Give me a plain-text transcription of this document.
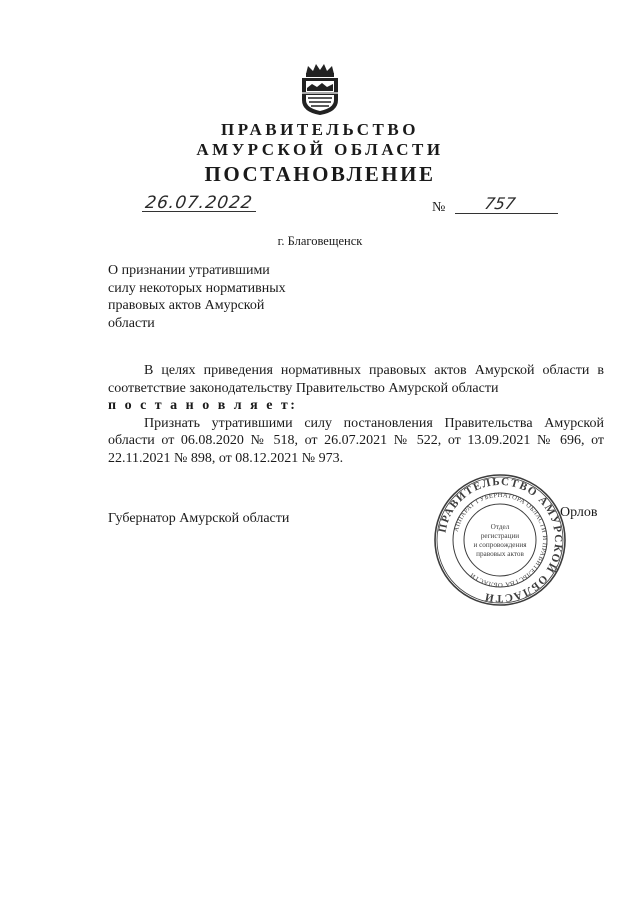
ПРАВИТЕЛЬСТВО
АМУРСКОЙ ОБЛАСТИ
ПОСТАНОВЛЕНИЕ
26.07.2022	№	757
г. Благовещенск
О признании утратившими
силу некоторых нормативных
правовых актов Амурской
области

В целях приведения нормативных правовых актов Амурской области в соответствие законодательству Правительство Амурской области

п о с т а н о в л я е т:

Признать утратившими силу постановления Правительства Амурской области от 06.08.2020 № 518, от 26.07.2021 № 522, от 13.09.2021 № 696, от 22.11.2021 № 898, от 08.12.2021 № 973.

Губернатор Амурской области	Орлов
ПРАВИТЕЛЬСТВО АМУРСКОЙ ОБЛАСТИ
АППАРАТ ГУБЕРНАТОРА ОБЛАСТИ И ПРАВИТЕЛЬСТВА ОБЛАСТИ
Отдел
регистрации
и сопровождения
правовых актов
